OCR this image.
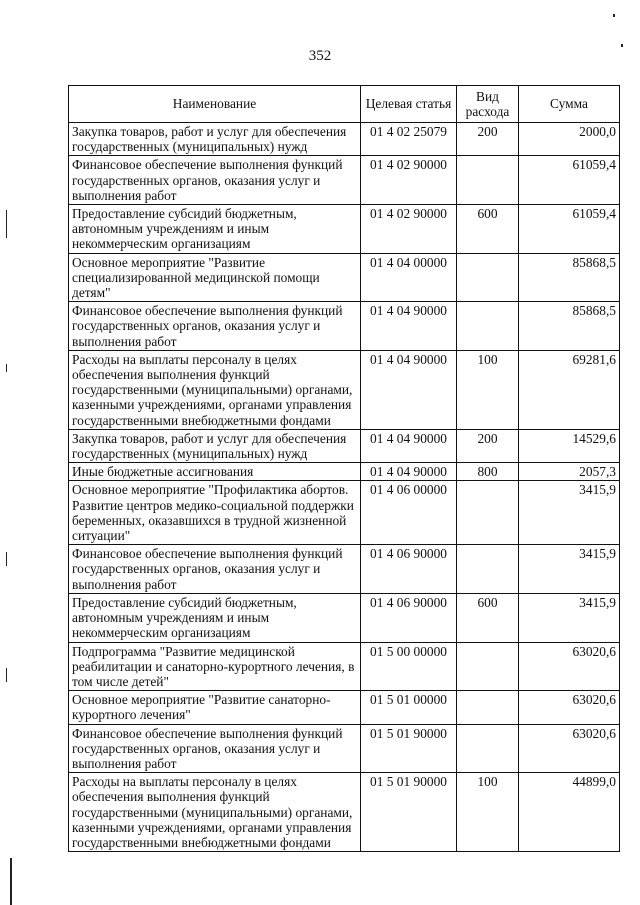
352
Наименование	Целевая статья	Вид расхода	Сумма
Закупка товаров, работ и услуг для обеспечения государственных (муниципальных) нужд	01 4 02 25079	200	2000,0
Финансовое обеспечение выполнения функций государственных органов, оказания услуг и выполнения работ	01 4 02 90000		61059,4
Предоставление субсидий бюджетным, автономным учреждениям и иным некоммерческим организациям	01 4 02 90000	600	61059,4
Основное мероприятие "Развитие специализированной медицинской помощи детям"	01 4 04 00000		85868,5
Финансовое обеспечение выполнения функций государственных органов, оказания услуг и выполнения работ	01 4 04 90000		85868,5
Расходы на выплаты персоналу в целях обеспечения выполнения функций государственными (муниципальными) органами, казенными учреждениями, органами управления государственными внебюджетными фондами	01 4 04 90000	100	69281,6
Закупка товаров, работ и услуг для обеспечения государственных (муниципальных) нужд	01 4 04 90000	200	14529,6
Иные бюджетные ассигнования	01 4 04 90000	800	2057,3
Основное мероприятие "Профилактика абортов. Развитие центров медико-социальной поддержки беременных, оказавшихся в трудной жизненной ситуации"	01 4 06 00000		3415,9
Финансовое обеспечение выполнения функций государственных органов, оказания услуг и выполнения работ	01 4 06 90000		3415,9
Предоставление субсидий бюджетным, автономным учреждениям и иным некоммерческим организациям	01 4 06 90000	600	3415,9
Подпрограмма "Развитие медицинской реабилитации и санаторно-курортного лечения, в том числе детей"	01 5 00 00000		63020,6
Основное мероприятие "Развитие санаторно-курортного лечения"	01 5 01 00000		63020,6
Финансовое обеспечение выполнения функций государственных органов, оказания услуг и выполнения работ	01 5 01 90000		63020,6
Расходы на выплаты персоналу в целях обеспечения выполнения функций государственными (муниципальными) органами, казенными учреждениями, органами управления государственными внебюджетными фондами	01 5 01 90000	100	44899,0
